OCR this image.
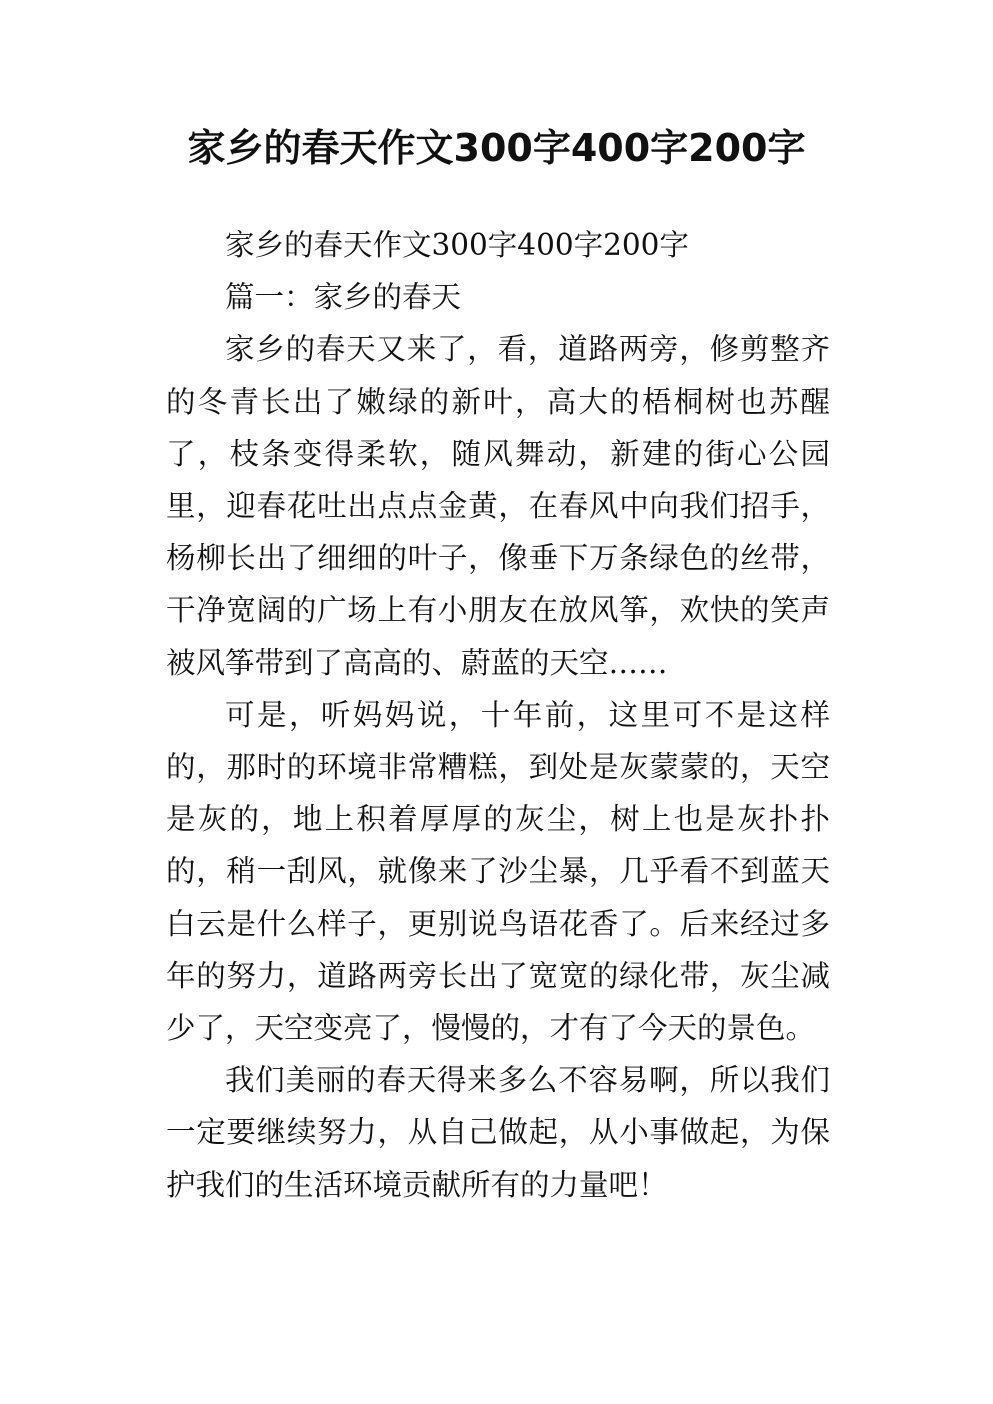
家乡的春天作文300字400字200字

家乡的春天作文300字400字200字

篇一：家乡的春天

家乡的春天又来了，看，道路两旁，修剪整齐的冬青长出了嫩绿的新叶，高大的梧桐树也苏醒了，枝条变得柔软，随风舞动，新建的街心公园里，迎春花吐出点点金黄，在春风中向我们招手，杨柳长出了细细的叶子，像垂下万条绿色的丝带，干净宽阔的广场上有小朋友在放风筝，欢快的笑声被风筝带到了高高的、蔚蓝的天空……

可是，听妈妈说，十年前，这里可不是这样的，那时的环境非常糟糕，到处是灰蒙蒙的，天空是灰的，地上积着厚厚的灰尘，树上也是灰扑扑的，稍一刮风，就像来了沙尘暴，几乎看不到蓝天白云是什么样子，更别说鸟语花香了。后来经过多年的努力，道路两旁长出了宽宽的绿化带，灰尘减少了，天空变亮了，慢慢的，才有了今天的景色。

我们美丽的春天得来多么不容易啊，所以我们一定要继续努力，从自己做起，从小事做起，为保护我们的生活环境贡献所有的力量吧！
